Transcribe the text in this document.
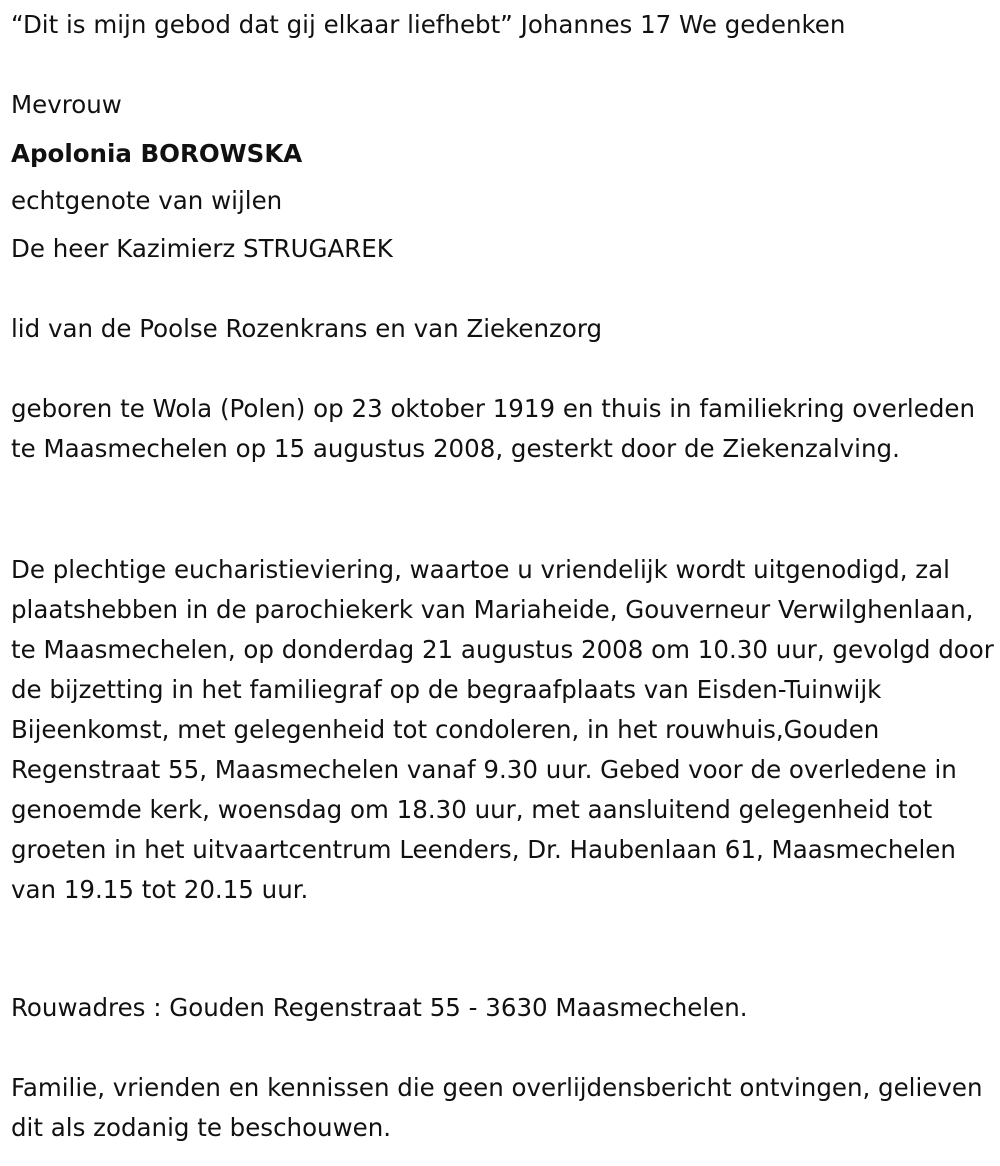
“Dit is mijn gebod dat gij elkaar liefhebt” Johannes 17 We gedenken
Mevrouw
Apolonia BOROWSKA
echtgenote van wijlen
De heer Kazimierz STRUGAREK
lid van de Poolse Rozenkrans en van Ziekenzorg
geboren te Wola (Polen) op 23 oktober 1919 en thuis in familiekring overleden te Maasmechelen op 15 augustus 2008, gesterkt door de Ziekenzalving.
De plechtige eucharistieviering, waartoe u vriendelijk wordt uitgenodigd, zal plaatshebben in de parochiekerk van Mariaheide, Gouverneur Verwilghenlaan, te Maasmechelen, op donderdag 21 augustus 2008 om 10.30 uur, gevolgd door de bijzetting in het familiegraf op de begraafplaats van Eisden-Tuinwijk Bijeenkomst, met gelegenheid tot condoleren, in het rouwhuis,Gouden Regenstraat 55, Maasmechelen vanaf 9.30 uur. Gebed voor de overledene in genoemde kerk, woensdag om 18.30 uur, met aansluitend gelegenheid tot groeten in het uitvaartcentrum Leenders, Dr. Haubenlaan 61, Maasmechelen van 19.15 tot 20.15 uur.
Rouwadres : Gouden Regenstraat 55 - 3630 Maasmechelen.
Familie, vrienden en kennissen die geen overlijdensbericht ontvingen, gelieven dit als zodanig te beschouwen.
